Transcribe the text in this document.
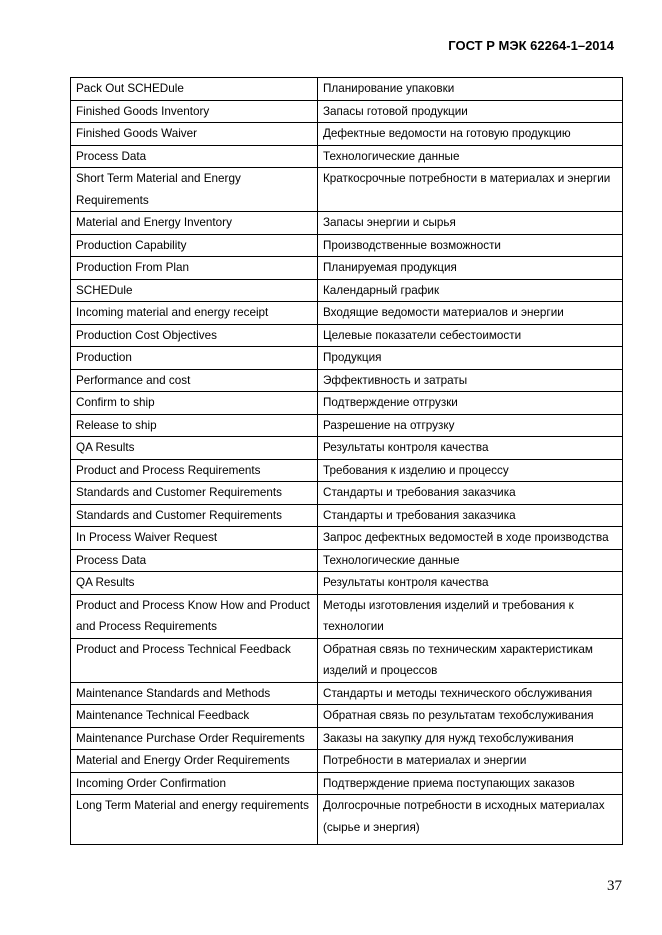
ГОСТ Р МЭК 62264-1–2014
Pack Out SCHEDule	Планирование упаковки
Finished Goods Inventory	Запасы готовой продукции
Finished Goods Waiver	Дефектные ведомости на готовую продукцию
Process Data	Технологические данные
Short Term Material and Energy Requirements	Краткосрочные потребности в материалах и энергии
Material and Energy Inventory	Запасы энергии и сырья
Production Capability	Производственные возможности
Production From Plan	Планируемая продукция
SCHEDule	Календарный график
Incoming material and energy receipt	Входящие ведомости материалов и энергии
Production Cost Objectives	Целевые показатели себестоимости
Production	Продукция
Performance and cost	Эффективность и затраты
Confirm to ship	Подтверждение отгрузки
Release to ship	Разрешение на отгрузку
QA Results	Результаты контроля качества
Product and Process Requirements	Требования к изделию и процессу
Standards and Customer Requirements	Стандарты и требования заказчика
Standards and Customer Requirements	Стандарты и требования заказчика
In Process Waiver Request	Запрос дефектных ведомостей в ходе производства
Process Data	Технологические данные
QA Results	Результаты контроля качества
Product and Process Know How and Product and Process Requirements	Методы изготовления изделий и требования к технологии
Product and Process Technical Feedback	Обратная связь по техническим характеристикам изделий и процессов
Maintenance Standards and Methods	Стандарты и методы технического обслуживания
Maintenance Technical Feedback	Обратная связь по результатам техобслуживания
Maintenance Purchase Order Requirements	Заказы на закупку для нужд техобслуживания
Material and Energy Order Requirements	Потребности в материалах и энергии
Incoming Order Confirmation	Подтверждение приема поступающих заказов
Long Term Material and energy requirements	Долгосрочные потребности в исходных материалах (сырье и энергия)
37
